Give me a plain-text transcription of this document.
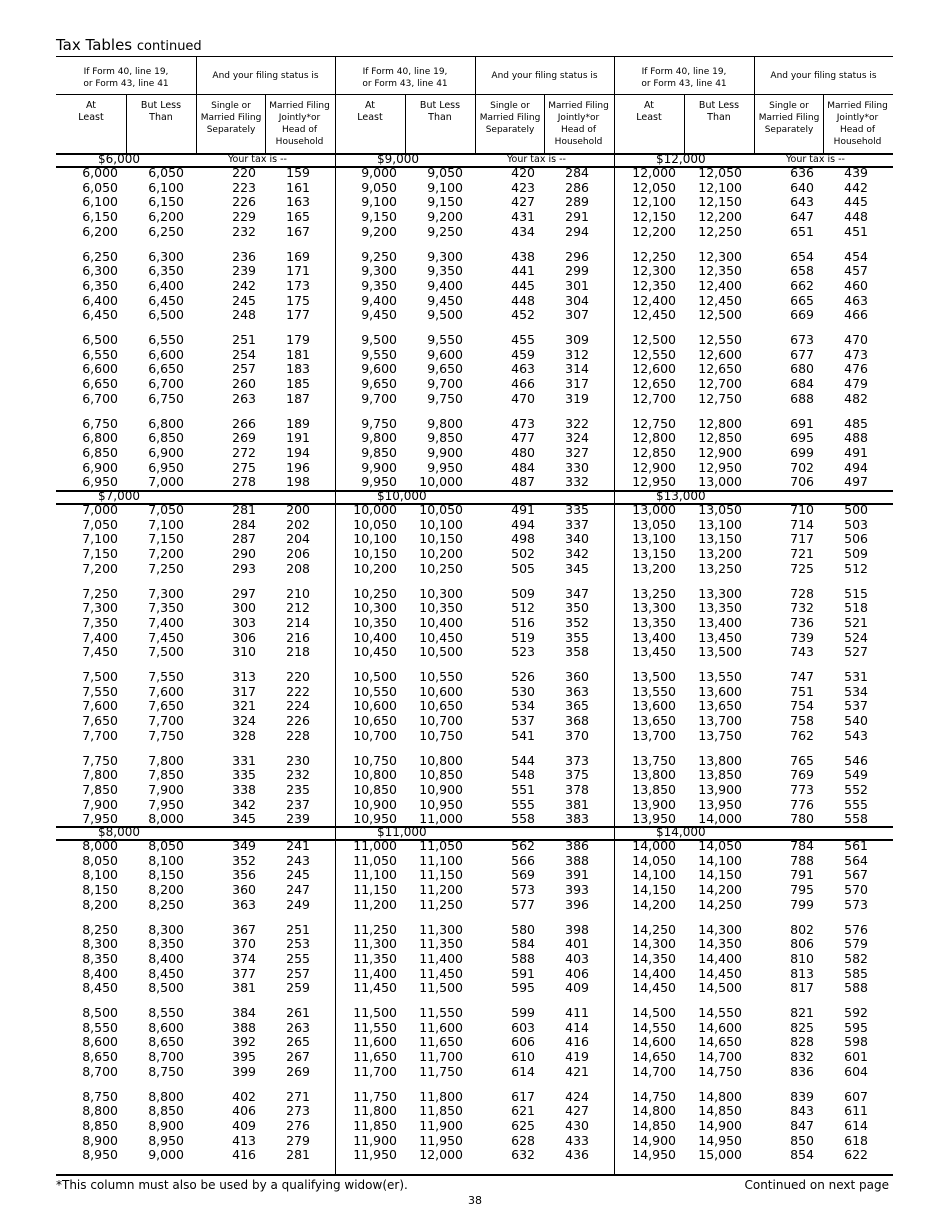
Tax Tables continued
If Form 40, line 19,
or Form 43, line 41
And your filing status is
At
Least
But Less
Than
Single or
Married Filing
Separately
Married Filing
Jointly*or
Head of
Household
$6,000	Your tax is --
6,000	6,050	220	159
6,050	6,100	223	161
6,100	6,150	226	163
6,150	6,200	229	165
6,200	6,250	232	167
6,250	6,300	236	169
6,300	6,350	239	171
6,350	6,400	242	173
6,400	6,450	245	175
6,450	6,500	248	177
6,500	6,550	251	179
6,550	6,600	254	181
6,600	6,650	257	183
6,650	6,700	260	185
6,700	6,750	263	187
6,750	6,800	266	189
6,800	6,850	269	191
6,850	6,900	272	194
6,900	6,950	275	196
6,950	7,000	278	198
$7,000
7,000	7,050	281	200
7,050	7,100	284	202
7,100	7,150	287	204
7,150	7,200	290	206
7,200	7,250	293	208
7,250	7,300	297	210
7,300	7,350	300	212
7,350	7,400	303	214
7,400	7,450	306	216
7,450	7,500	310	218
7,500	7,550	313	220
7,550	7,600	317	222
7,600	7,650	321	224
7,650	7,700	324	226
7,700	7,750	328	228
7,750	7,800	331	230
7,800	7,850	335	232
7,850	7,900	338	235
7,900	7,950	342	237
7,950	8,000	345	239
$8,000
8,000	8,050	349	241
8,050	8,100	352	243
8,100	8,150	356	245
8,150	8,200	360	247
8,200	8,250	363	249
8,250	8,300	367	251
8,300	8,350	370	253
8,350	8,400	374	255
8,400	8,450	377	257
8,450	8,500	381	259
8,500	8,550	384	261
8,550	8,600	388	263
8,600	8,650	392	265
8,650	8,700	395	267
8,700	8,750	399	269
8,750	8,800	402	271
8,800	8,850	406	273
8,850	8,900	409	276
8,900	8,950	413	279
8,950	9,000	416	281
If Form 40, line 19,
or Form 43, line 41
And your filing status is
At
Least
But Less
Than
Single or
Married Filing
Separately
Married Filing
Jointly*or
Head of
Household
$9,000	Your tax is --
9,000	9,050	420	284
9,050	9,100	423	286
9,100	9,150	427	289
9,150	9,200	431	291
9,200	9,250	434	294
9,250	9,300	438	296
9,300	9,350	441	299
9,350	9,400	445	301
9,400	9,450	448	304
9,450	9,500	452	307
9,500	9,550	455	309
9,550	9,600	459	312
9,600	9,650	463	314
9,650	9,700	466	317
9,700	9,750	470	319
9,750	9,800	473	322
9,800	9,850	477	324
9,850	9,900	480	327
9,900	9,950	484	330
9,950	10,000	487	332
$10,000
10,000	10,050	491	335
10,050	10,100	494	337
10,100	10,150	498	340
10,150	10,200	502	342
10,200	10,250	505	345
10,250	10,300	509	347
10,300	10,350	512	350
10,350	10,400	516	352
10,400	10,450	519	355
10,450	10,500	523	358
10,500	10,550	526	360
10,550	10,600	530	363
10,600	10,650	534	365
10,650	10,700	537	368
10,700	10,750	541	370
10,750	10,800	544	373
10,800	10,850	548	375
10,850	10,900	551	378
10,900	10,950	555	381
10,950	11,000	558	383
$11,000
11,000	11,050	562	386
11,050	11,100	566	388
11,100	11,150	569	391
11,150	11,200	573	393
11,200	11,250	577	396
11,250	11,300	580	398
11,300	11,350	584	401
11,350	11,400	588	403
11,400	11,450	591	406
11,450	11,500	595	409
11,500	11,550	599	411
11,550	11,600	603	414
11,600	11,650	606	416
11,650	11,700	610	419
11,700	11,750	614	421
11,750	11,800	617	424
11,800	11,850	621	427
11,850	11,900	625	430
11,900	11,950	628	433
11,950	12,000	632	436
If Form 40, line 19,
or Form 43, line 41
And your filing status is
At
Least
But Less
Than
Single or
Married Filing
Separately
Married Filing
Jointly*or
Head of
Household
$12,000	Your tax is --
12,000	12,050	636	439
12,050	12,100	640	442
12,100	12,150	643	445
12,150	12,200	647	448
12,200	12,250	651	451
12,250	12,300	654	454
12,300	12,350	658	457
12,350	12,400	662	460
12,400	12,450	665	463
12,450	12,500	669	466
12,500	12,550	673	470
12,550	12,600	677	473
12,600	12,650	680	476
12,650	12,700	684	479
12,700	12,750	688	482
12,750	12,800	691	485
12,800	12,850	695	488
12,850	12,900	699	491
12,900	12,950	702	494
12,950	13,000	706	497
$13,000
13,000	13,050	710	500
13,050	13,100	714	503
13,100	13,150	717	506
13,150	13,200	721	509
13,200	13,250	725	512
13,250	13,300	728	515
13,300	13,350	732	518
13,350	13,400	736	521
13,400	13,450	739	524
13,450	13,500	743	527
13,500	13,550	747	531
13,550	13,600	751	534
13,600	13,650	754	537
13,650	13,700	758	540
13,700	13,750	762	543
13,750	13,800	765	546
13,800	13,850	769	549
13,850	13,900	773	552
13,900	13,950	776	555
13,950	14,000	780	558
$14,000
14,000	14,050	784	561
14,050	14,100	788	564
14,100	14,150	791	567
14,150	14,200	795	570
14,200	14,250	799	573
14,250	14,300	802	576
14,300	14,350	806	579
14,350	14,400	810	582
14,400	14,450	813	585
14,450	14,500	817	588
14,500	14,550	821	592
14,550	14,600	825	595
14,600	14,650	828	598
14,650	14,700	832	601
14,700	14,750	836	604
14,750	14,800	839	607
14,800	14,850	843	611
14,850	14,900	847	614
14,900	14,950	850	618
14,950	15,000	854	622
*This column must also be used by a qualifying widow(er).	Continued on next page
38
